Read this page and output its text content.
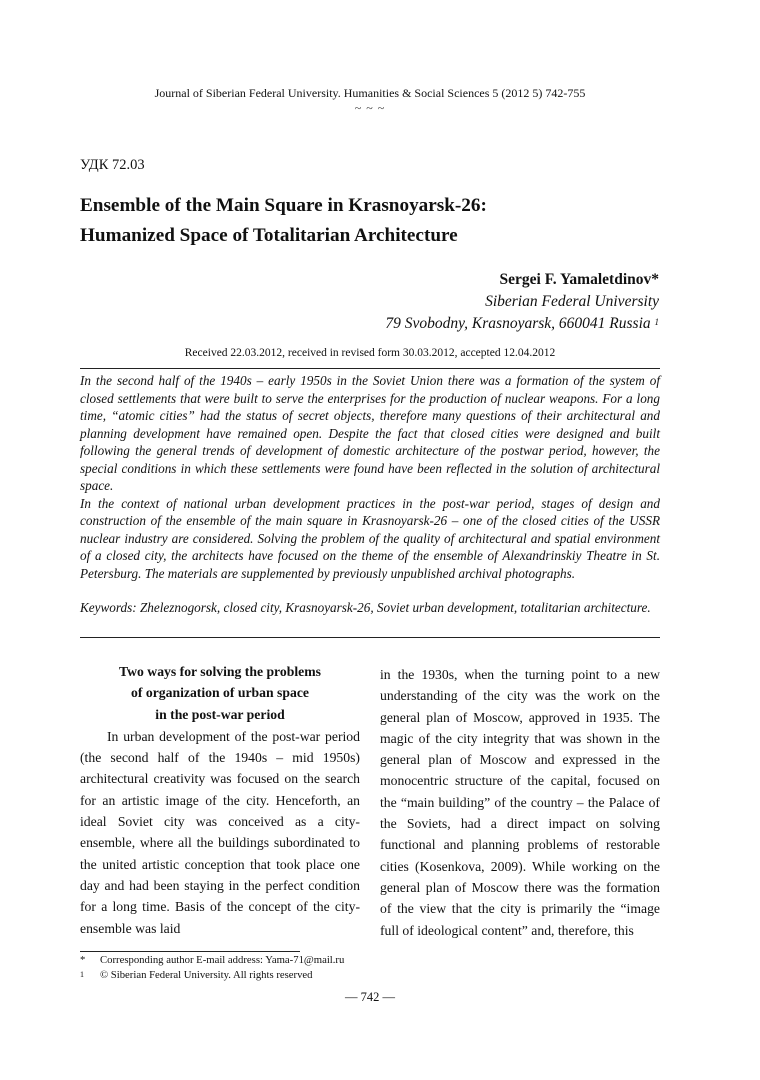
Journal of Siberian Federal University. Humanities & Social Sciences 5 (2012 5) 742-755
~ ~ ~
УДК 72.03
Ensemble of the Main Square in Krasnoyarsk-26:
Humanized Space of Totalitarian Architecture
Sergei F. Yamaletdinov*
Siberian Federal University
79 Svobodny, Krasnoyarsk, 660041 Russia $^1$
Received 22.03.2012, received in revised form 30.03.2012, accepted 12.04.2012

In the second half of the 1940s – early 1950s in the Soviet Union there was a formation of the system of closed settlements that were built to serve the enterprises for the production of nuclear weapons. For a long time, “atomic cities” had the status of secret objects, therefore many questions of their architectural and planning development have remained open. Despite the fact that closed cities were designed and built following the general trends of development of domestic architecture of the postwar period, however, the special conditions in which these settlements were found have been reflected in the solution of architectural space.

In the context of national urban development practices in the post-war period, stages of design and construction of the ensemble of the main square in Krasnoyarsk-26 – one of the closed cities of the USSR nuclear industry are considered. Solving the problem of the quality of architectural and spatial environment of a closed city, the architects have focused on the theme of the ensemble of Alexandrinskiy Theatre in St. Petersburg. The materials are supplemented by previously unpublished archival photographs.

Keywords: Zheleznogorsk, closed city, Krasnoyarsk-26, Soviet urban development, totalitarian architecture.
Two ways for solving the problems
of organization of urban space
in the post-war period

In urban development of the post-war period (the second half of the 1940s – mid 1950s) architectural creativity was focused on the search for an artistic image of the city. Henceforth, an ideal Soviet city was conceived as a city-ensemble, where all the buildings subordinated to the united artistic conception that took place one day and had been staying in the perfect condition for a long time. Basis of the concept of the city-ensemble was laid

in the 1930s, when the turning point to a new understanding of the city was the work on the general plan of Moscow, approved in 1935. The magic of the city integrity that was shown in the general plan of Moscow and expressed in the monocentric structure of the capital, focused on the “main building” of the country – the Palace of the Soviets, had a direct impact on solving functional and planning problems of restorable cities (Kosenkova, 2009). While working on the general plan of Moscow there was the formation of the view that the city is primarily the “image full of ideological content” and, therefore, this

*	Corresponding author E-mail address: Yama-71@mail.ru
1	© Siberian Federal University. All rights reserved
— 742 —
